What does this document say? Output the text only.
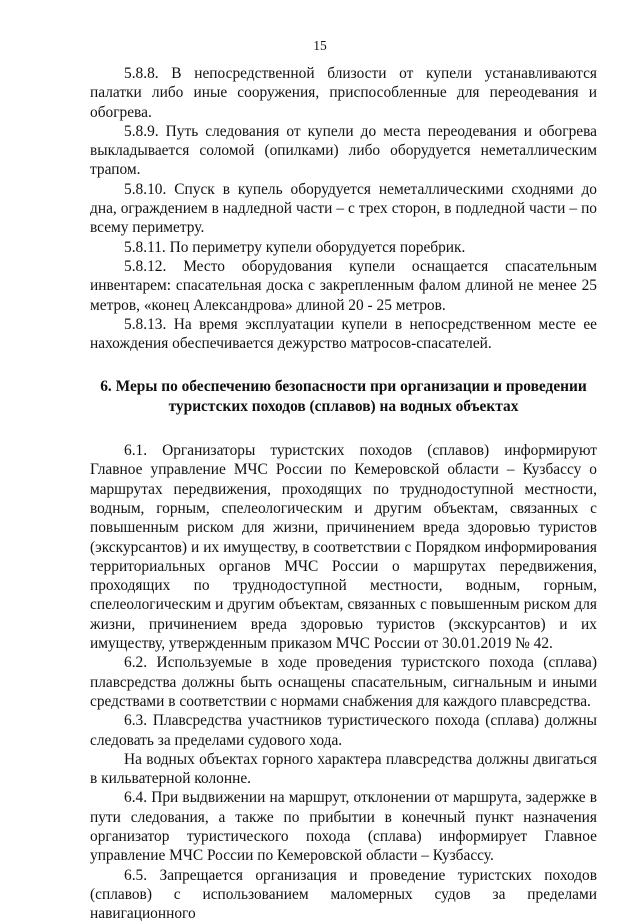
15

5.8.8. В непосредственной близости от купели устанавливаются палатки либо иные сооружения, приспособленные для переодевания и обогрева.

5.8.9. Путь следования от купели до места переодевания и обогрева выкладывается соломой (опилками) либо оборудуется неметаллическим трапом.

5.8.10. Спуск в купель оборудуется неметаллическими сходнями до дна, ограждением в надледной части – с трех сторон, в подледной части – по всему периметру.

5.8.11. По периметру купели оборудуется поребрик.

5.8.12. Место оборудования купели оснащается спасательным инвентарем: спасательная доска с закрепленным фалом длиной не менее 25 метров, «конец Александрова» длиной 20 - 25 метров.

5.8.13. На время эксплуатации купели в непосредственном месте ее нахождения обеспечивается дежурство матросов-спасателей.

6. Меры по обеспечению безопасности при организации и проведении туристских походов (сплавов) на водных объектах

6.1. Организаторы туристских походов (сплавов) информируют Главное управление МЧС России по Кемеровской области – Кузбассу о маршрутах передвижения, проходящих по труднодоступной местности, водным, горным, спелеологическим и другим объектам, связанных с повышенным риском для жизни, причинением вреда здоровью туристов (экскурсантов) и их имуществу, в соответствии с Порядком информирования территориальных органов МЧС России о маршрутах передвижения, проходящих по труднодоступной местности, водным, горным, спелеологическим и другим объектам, связанных с повышенным риском для жизни, причинением вреда здоровью туристов (экскурсантов) и их имуществу, утвержденным приказом МЧС России от 30.01.2019 № 42.

6.2. Используемые в ходе проведения туристского похода (сплава) плавсредства должны быть оснащены спасательным, сигнальным и иными средствами в соответствии с нормами снабжения для каждого плавсредства.

6.3. Плавсредства участников туристического похода (сплава) должны следовать за пределами судового хода.

На водных объектах горного характера плавсредства должны двигаться в кильватерной колонне.

6.4. При выдвижении на маршрут, отклонении от маршрута, задержке в пути следования, а также по прибытии в конечный пункт назначения организатор туристического похода (сплава) информирует Главное управление МЧС России по Кемеровской области – Кузбассу.

6.5. Запрещается организация и проведение туристских походов (сплавов) с использованием маломерных судов за пределами навигационного
